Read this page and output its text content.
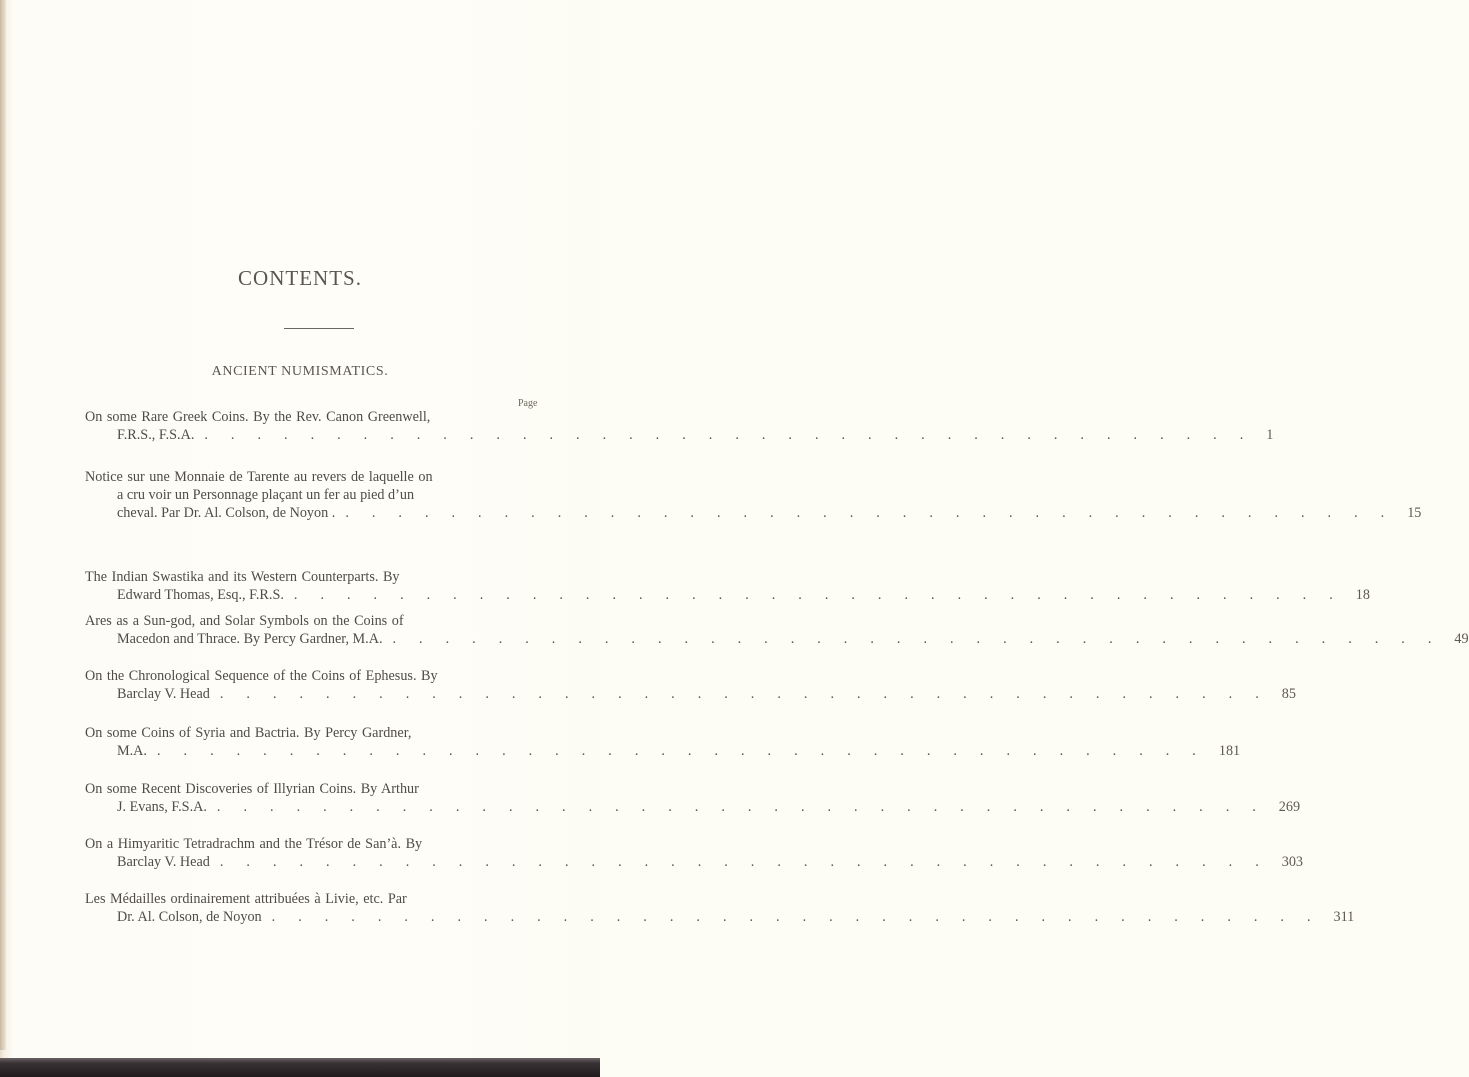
CONTENTS.
ANCIENT NUMISMATICS.
Page
On some Rare Greek Coins. By the Rev. Canon Greenwell,
F.R.S., F.S.A. ........................................ 1
Notice sur une Monnaie de Tarente au revers de laquelle on
a cru voir un Personnage plaçant un fer au pied d’un
cheval. Par Dr. Al. Colson, de Noyon . ........................................ 15
The Indian Swastika and its Western Counterparts. By
Edward Thomas, Esq., F.R.S. ........................................ 18
Ares as a Sun-god, and Solar Symbols on the Coins of
Macedon and Thrace. By Percy Gardner, M.A. ........................................ 49
On the Chronological Sequence of the Coins of Ephesus. By
Barclay V. Head ........................................ 85
On some Coins of Syria and Bactria. By Percy Gardner,
M.A. ........................................ 181
On some Recent Discoveries of Illyrian Coins. By Arthur
J. Evans, F.S.A. ........................................ 269
On a Himyaritic Tetradrachm and the Trésor de San’à. By
Barclay V. Head ........................................ 303
Les Médailles ordinairement attribuées à Livie, etc. Par
Dr. Al. Colson, de Noyon ........................................ 311
